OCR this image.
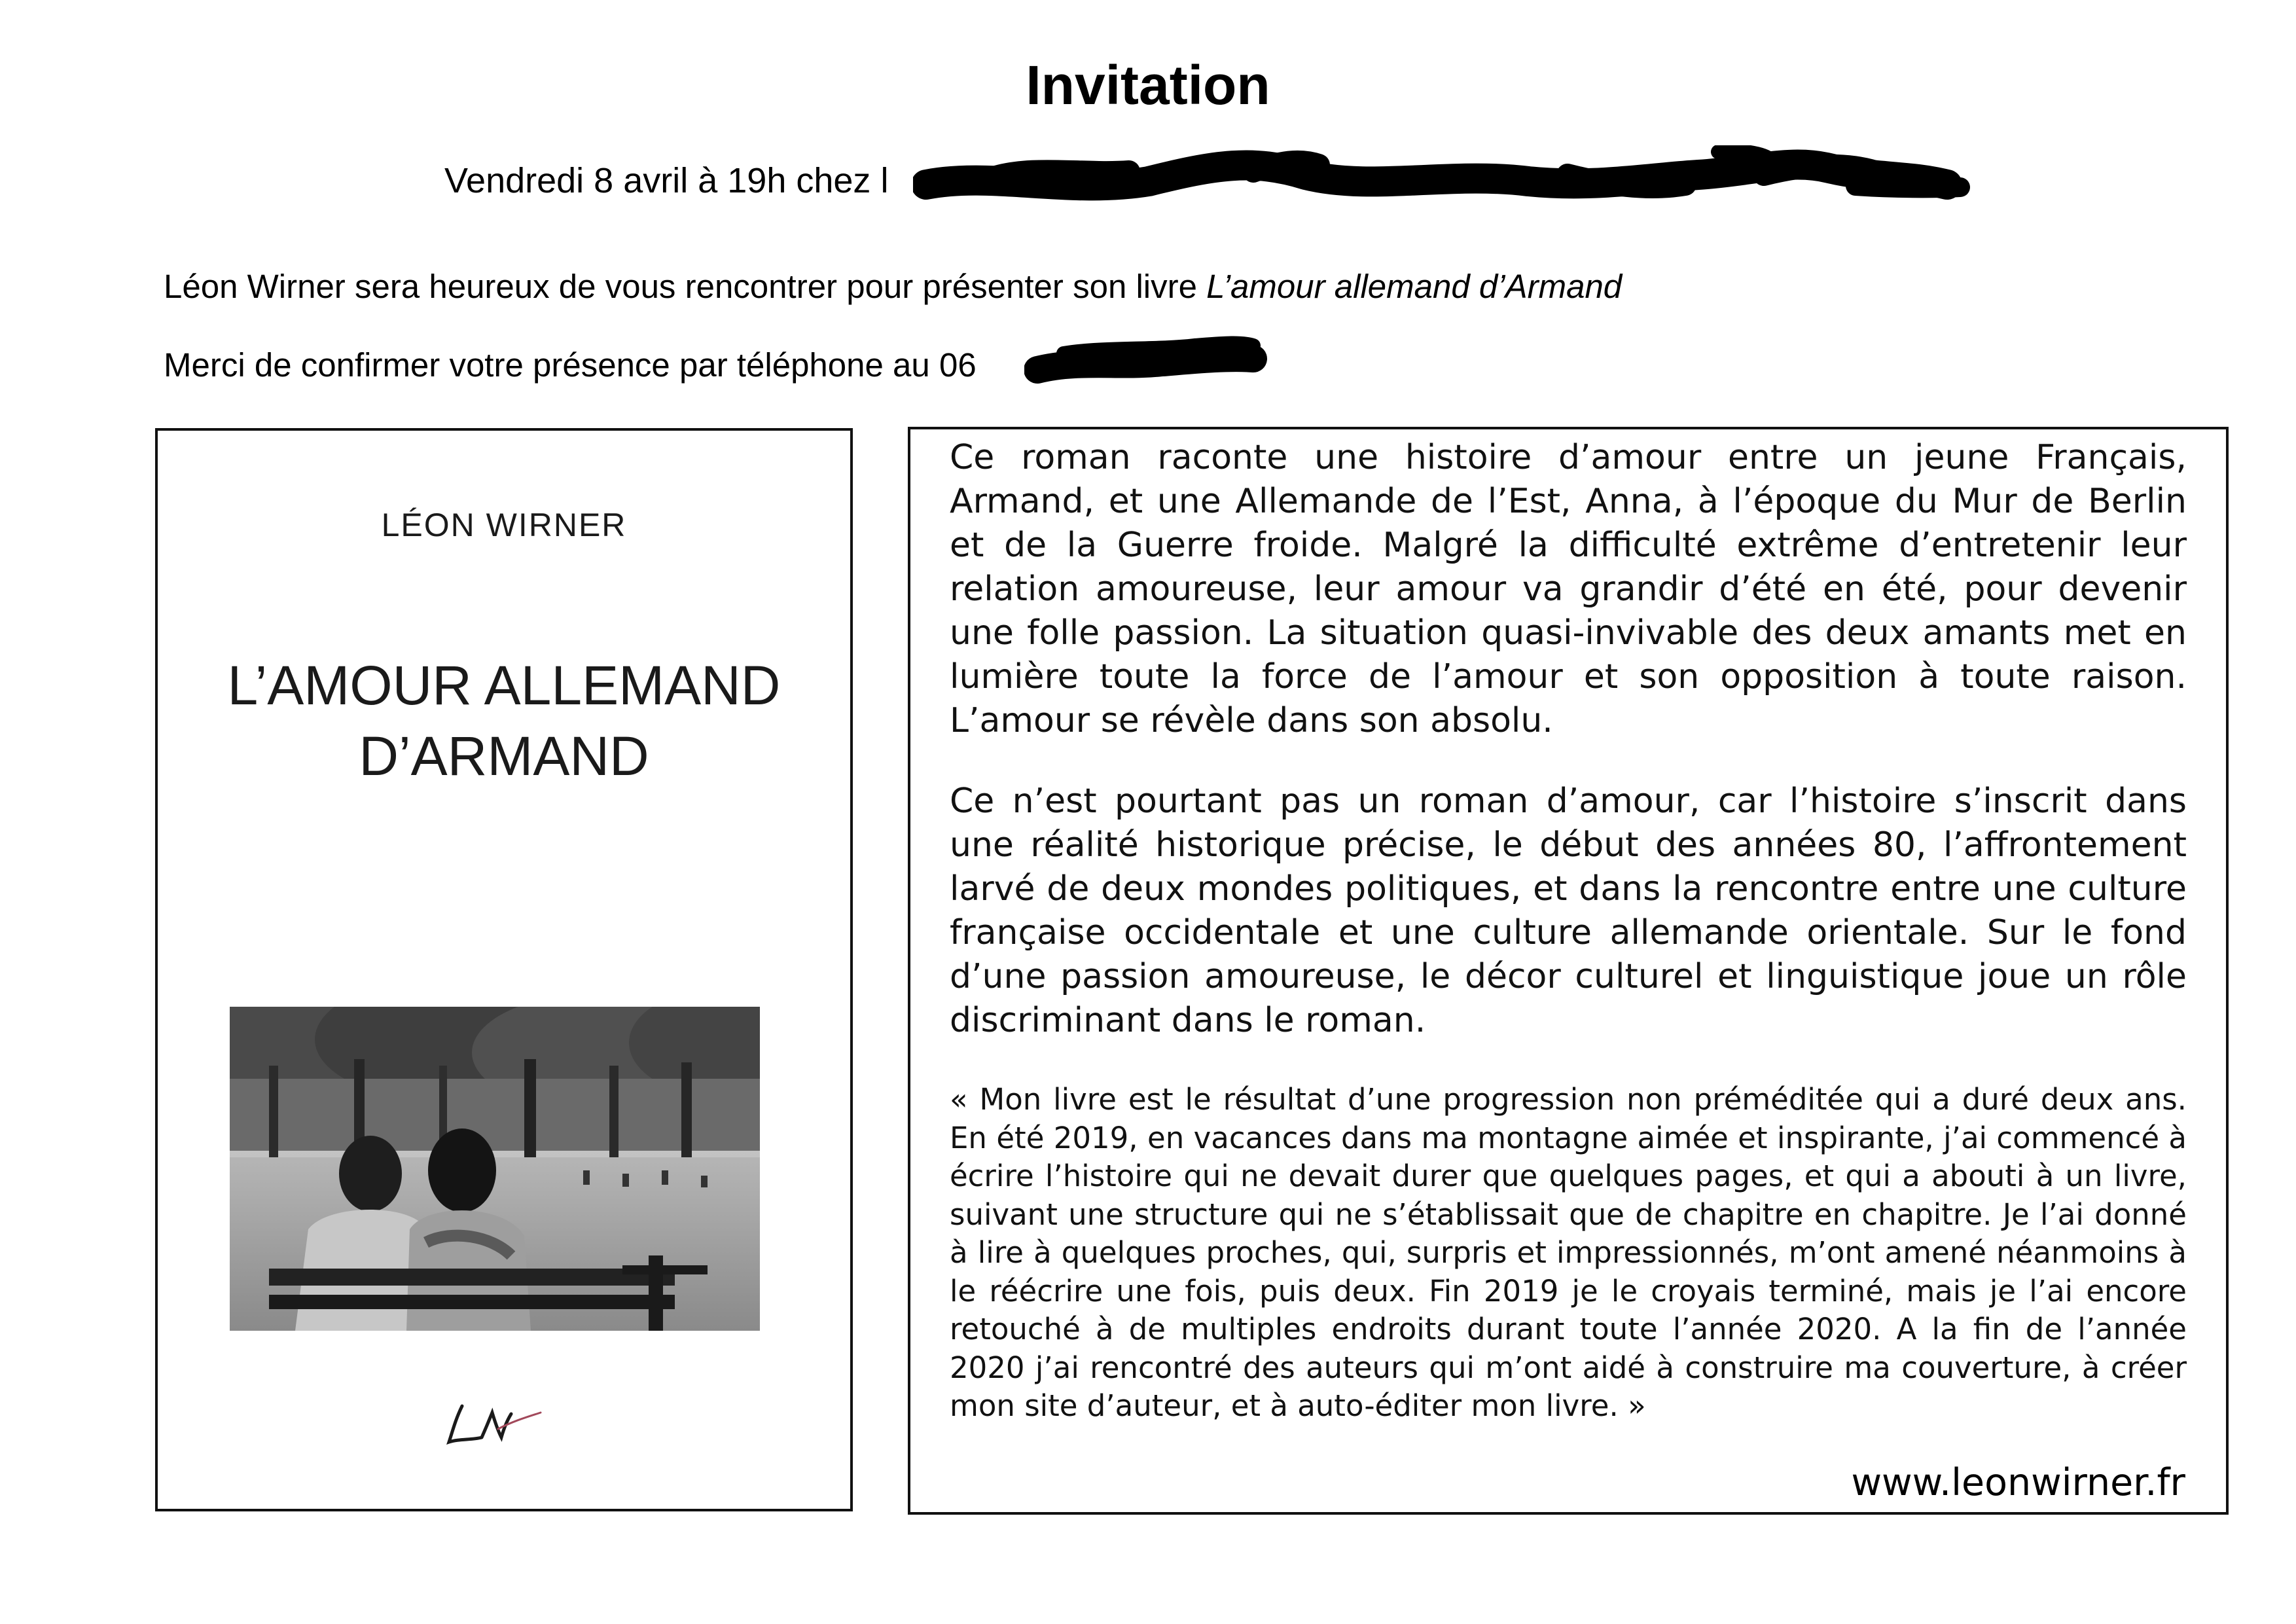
Invitation
Vendredi 8 avril à 19h chez l
Léon Wirner sera heureux de vous rencontrer pour présenter son livre L’amour allemand d’Armand
Merci de confirmer votre présence par téléphone au 06
LÉON WIRNER
L’AMOUR ALLEMAND
D’ARMAND

Ce roman raconte une histoire d’amour entre un jeune Français, Armand, et une Allemande de l’Est, Anna, à l’époque du Mur de Berlin et de la Guerre froide. Malgré la difficulté extrême d’entretenir leur relation amoureuse, leur amour va grandir d’été en été, pour devenir une folle passion. La situation quasi-invivable des deux amants met en lumière toute la force de l’amour et son opposition à toute raison. L’amour se révèle dans son absolu.

Ce n’est pourtant pas un roman d’amour, car l’histoire s’inscrit dans une réalité historique précise, le début des années 80, l’affrontement larvé de deux mondes politiques, et dans la rencontre entre une culture française occidentale et une culture allemande orientale. Sur le fond d’une passion amoureuse, le décor culturel et linguistique joue un rôle discriminant dans le roman.

« Mon livre est le résultat d’une progression non préméditée qui a duré deux ans. En été 2019, en vacances dans ma montagne aimée et inspirante, j’ai commencé à écrire l’histoire qui ne devait durer que quelques pages, et qui a abouti à un livre, suivant une structure qui ne s’établissait que de chapitre en chapitre. Je l’ai donné à lire à quelques proches, qui, surpris et impressionnés, m’ont amené néanmoins à le réécrire une fois, puis deux. Fin 2019 je le croyais terminé, mais je l’ai encore retouché à de multiples endroits durant toute l’année 2020. A la fin de l’année 2020 j’ai rencontré des auteurs qui m’ont aidé à construire ma couverture, à créer mon site d’auteur, et à auto-éditer mon livre. »

www.leonwirner.fr
